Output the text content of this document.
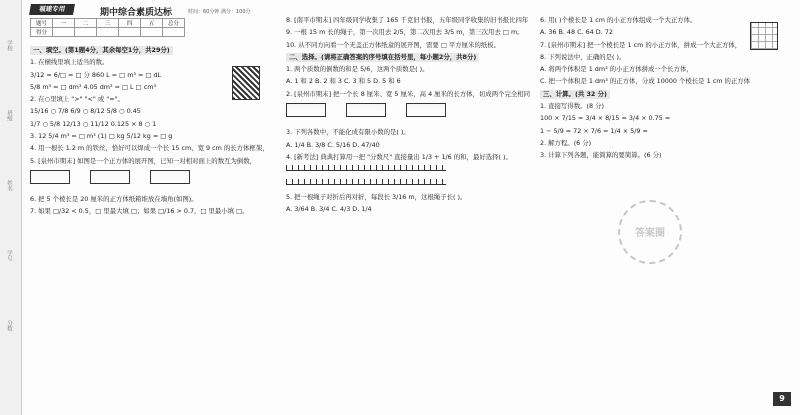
学校
班级
姓名
学号
分数
福建专用	期中综合素质达标	时间：60分钟 满分：100分
题号	一	二	三	四	五	总分
得分						

一、填空。(第1题4分，其余每空1分，共29分)

1. 在横线里填上适当的数。

3/12 = 6/□ = □ 分 860 L = □ m³ = □ dL

5/8 m³ = □ dm³ 4.05 dm³ = □ L □ cm³

2. 在○里填上 ">" "<" 或 "="。

15/16 ○ 7/8 6/9 ○ 8/12 5/8 ○ 0.45

1/7 ○ 5/8 12/13 ○ 11/12 0.125 × 8 ○ 1

3. 12 5/4 m³ = □ m³ (1) □ kg 5/12 kg = □ g

4. 用一根长 1.2 m 的铁丝，恰好可以焊成一个长 15 cm、宽 9 cm 的长方体框架，

5. [泉州市期末] 如图是一个正方体的展开图，已知一对相对面上的数互为倒数，

6. 把 5 个棱长是 20 厘米的正方体纸箱堆放在墙角(如图)。

7. 如果 □/32 < 0.5，□ 里最大填 □；如果 □/16 > 0.7，□ 里最小填 □。

8. [南平市期末] 四年级同学收集了 165 千克旧书报，五年级同学收集的旧书报比四年

9. 一根 15 m 长的绳子，第一次用去 2/5，第二次用去 3/5 m，第三次用去 □ m。

10. 从不同方向看一个无盖正方体纸盒的展开图，需要 □ 平方厘米的纸板。

二、选择。(请将正确答案的序号填在括号里，每小题2分，共8分)

1. 两个质数的倒数的和是 5/6，这两个质数是( )。

A. 1 和 2 B. 2 和 3 C. 3 和 5 D. 5 和 6

2. [泉州市期末] 把一个长 8 厘米、宽 5 厘米、高 4 厘米的长方体，切成两个完全相同

3. 下列各数中，不能化成有限小数的是( )。

A. 1/4 B. 3/8 C. 5/16 D. 47/40

4. [新考法] 典典打算用一把 "分数尺" 直接量出 1/3 + 1/6 的和，最好选择( )。

5. 把一根绳子对折后再对折，每段长 3/16 m，这根绳子长( )。

A. 3/64 B. 3/4 C. 4/3 D. 1/4

6. 用( )个棱长是 1 cm 的小正方体组成一个大正方体。

A. 36 B. 48 C. 64 D. 72

7. [泉州市期末] 把一个棱长是 1 cm 的小正方体，拼成一个大正方体，

8. 下列说法中，正确的是( )。

A. 将两个体积是 1 dm³ 的小正方体拼成一个长方体，

C. 把一个体积是 1 dm³ 的正方体，分成 10000 个棱长是 1 cm 的正方体

三、计算。(共 32 分)

1. 直接写得数。(8 分)

100 × 7/15 = 3/4 × 8/15 = 3/4 × 0.75 =

1 − 5/9 = 72 × 7/6 = 1/4 × 5/9 =

2. 解方程。(6 分)

3. 计算下列各题，能简算的要简算。(6 分)

答案圈
9
